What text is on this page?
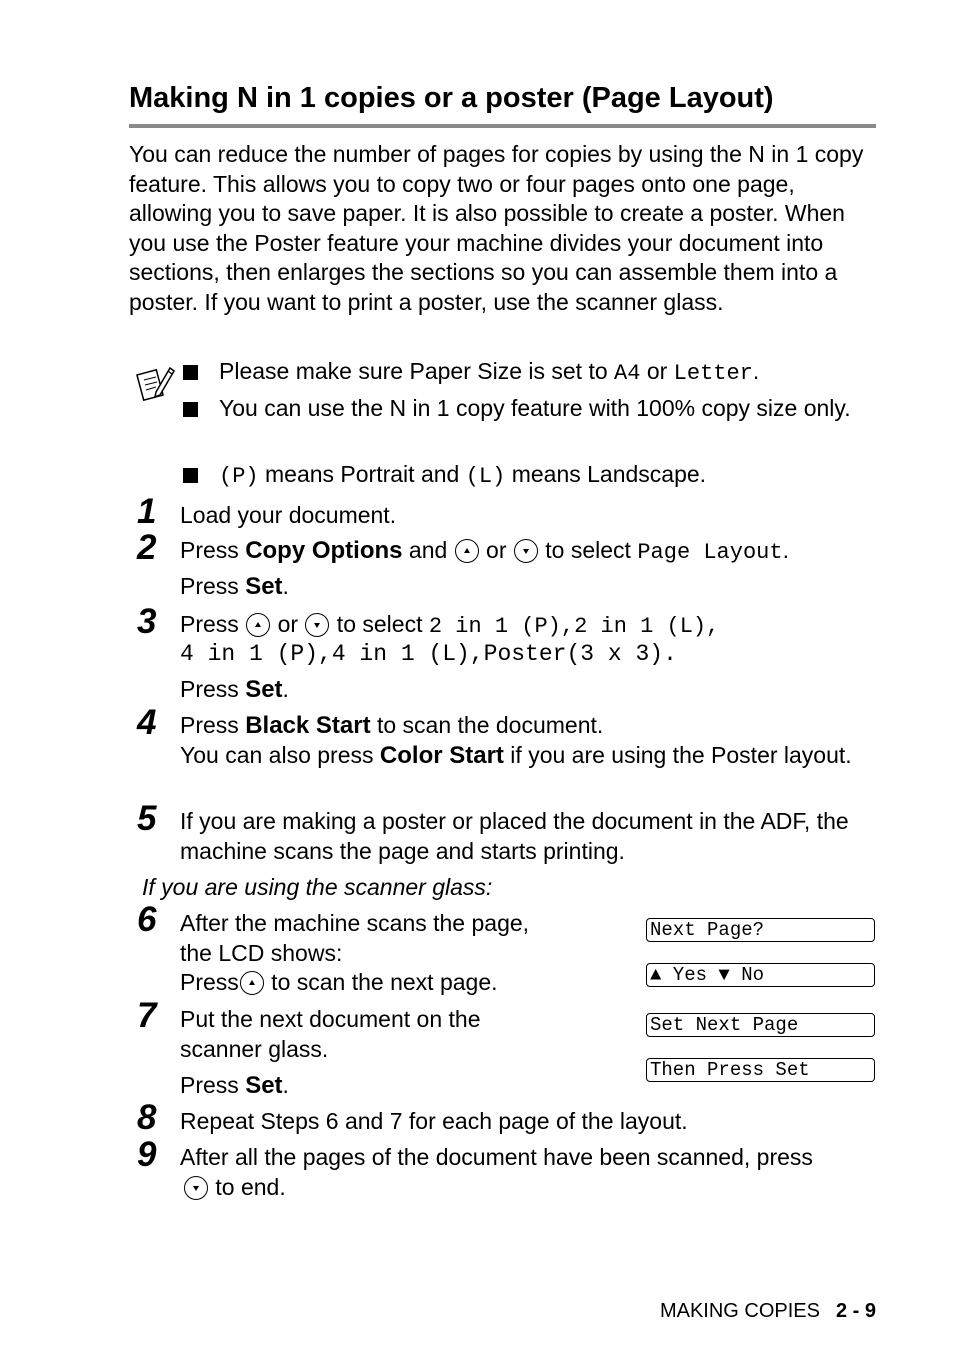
Making N in 1 copies or a poster (Page Layout)
You can reduce the number of pages for copies by using the N in 1 copy feature. This allows you to copy two or four pages onto one page, allowing you to save paper. It is also possible to create a poster. When you use the Poster feature your machine divides your document into sections, then enlarges the sections so you can assemble them into a poster. If you want to print a poster, use the scanner glass.
Please make sure Paper Size is set to A4 or Letter.
You can use the N in 1 copy feature with 100% copy size only.
(P) means Portrait and (L) means Landscape.
1 Load your document.
2 Press Copy Options and
or
to select Page Layout.
Press Set.
3 Press
or
to select 2 in 1 (P),2 in 1 (L),
4 in 1 (P),4 in 1 (L),Poster(3 x 3).
Press Set.
4 Press Black Start to scan the document.
You can also press Color Start if you are using the Poster layout.
5 If you are making a poster or placed the document in the ADF, the machine scans the page and starts printing.
If you are using the scanner glass:
6 After the machine scans the page,
the LCD shows:
Press
to scan the next page.
7 Put the next document on the
scanner glass.
Press Set.
Next Page?
▲ Yes ▼ No
Set Next Page
Then Press Set
8 Repeat Steps 6 and 7 for each page of the layout.
9 After all the pages of the document have been scanned, press

to end.
MAKING COPIES 2 - 9
